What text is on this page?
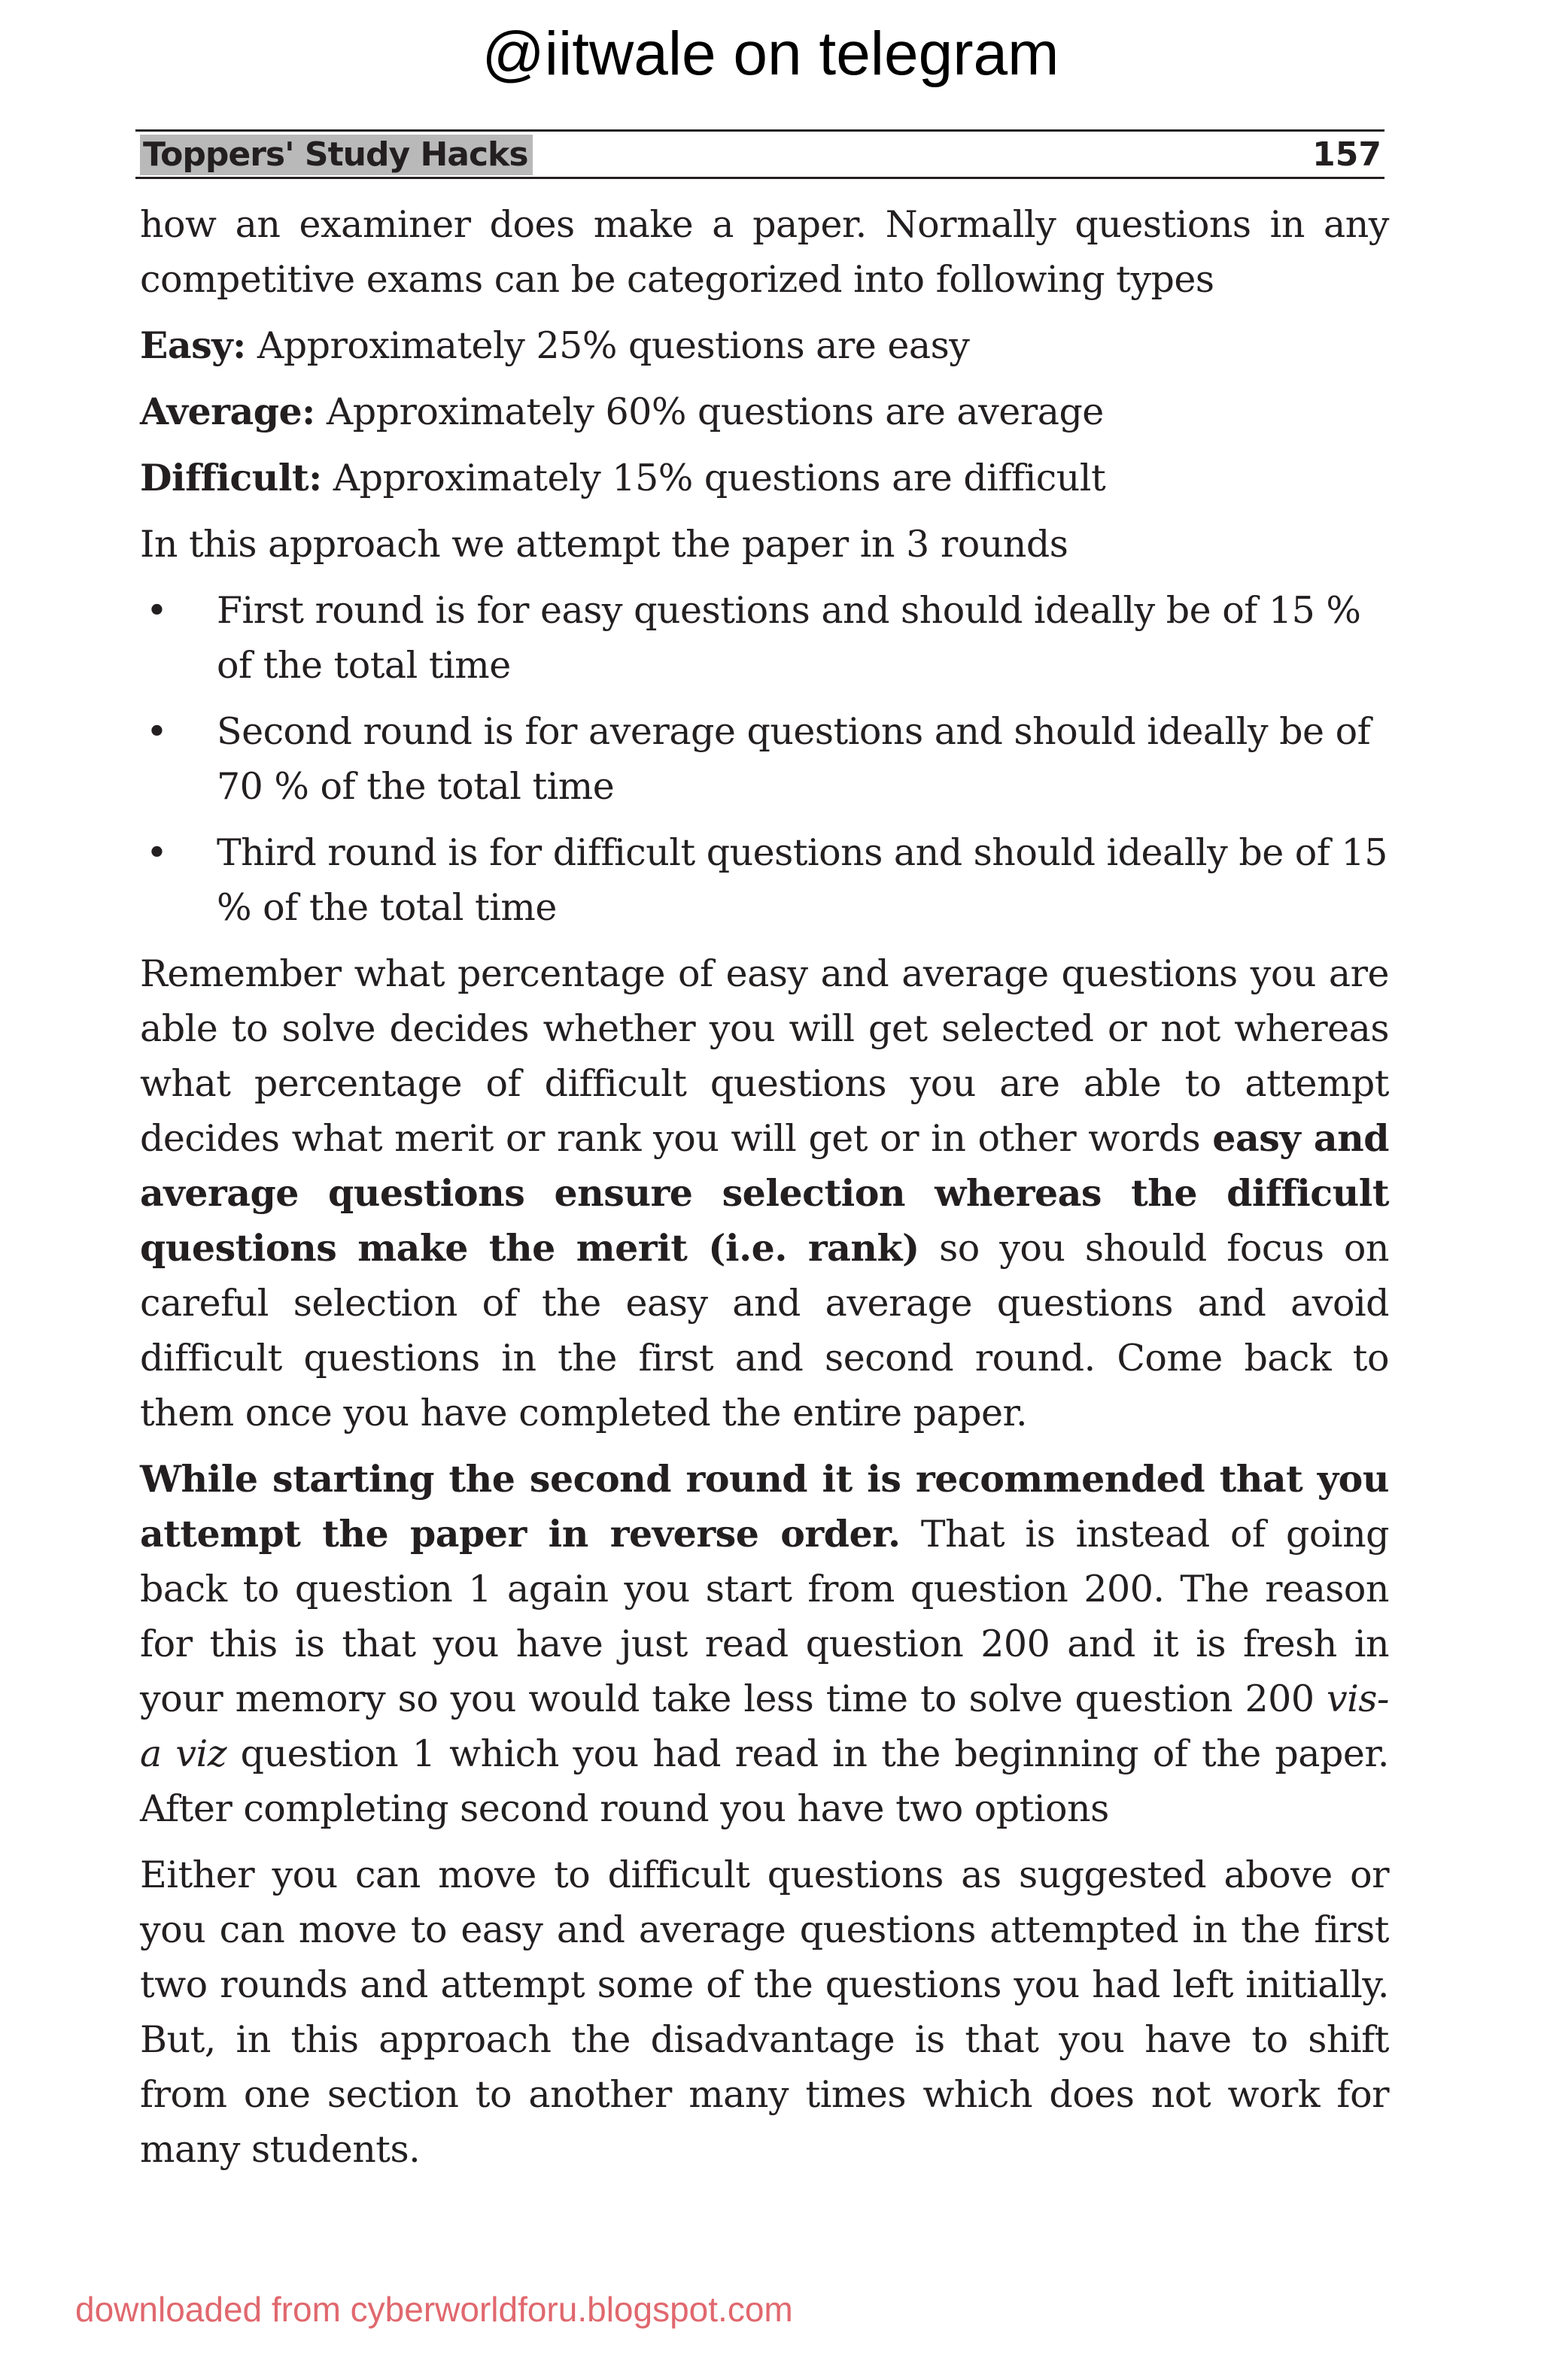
@iitwale on telegram
Toppers' Study Hacks	157

how an examiner does make a paper. Normally questions in any competitive exams can be categorized into following types

Easy: Approximately 25% questions are easy

Average: Approximately 60% questions are average

Difficult: Approximately 15% questions are difficult

In this approach we attempt the paper in 3 rounds

• First round is for easy questions and should ideally be of 15 % of the total time
• Second round is for average questions and should ideally be of 70 % of the total time
• Third round is for difficult questions and should ideally be of 15 % of the total time

Remember what percentage of easy and average questions you are able to solve decides whether you will get selected or not whereas what percentage of difficult questions you are able to attempt decides what merit or rank you will get or in other words easy and average questions ensure selection whereas the difficult questions make the merit (i.e. rank) so you should focus on careful selection of the easy and average questions and avoid difficult questions in the first and second round. Come back to them once you have completed the entire paper.

While starting the second round it is recommended that you attempt the paper in reverse order. That is instead of going back to question 1 again you start from question 200. The reason for this is that you have just read question 200 and it is fresh in your memory so you would take less time to solve question 200 vis-a viz question 1 which you had read in the beginning of the paper. After completing second round you have two options

Either you can move to difficult questions as suggested above or you can move to easy and average questions attempted in the first two rounds and attempt some of the questions you had left initially. But, in this approach the disadvantage is that you have to shift from one section to another many times which does not work for many students.

downloaded from cyberworldforu.blogspot.com
